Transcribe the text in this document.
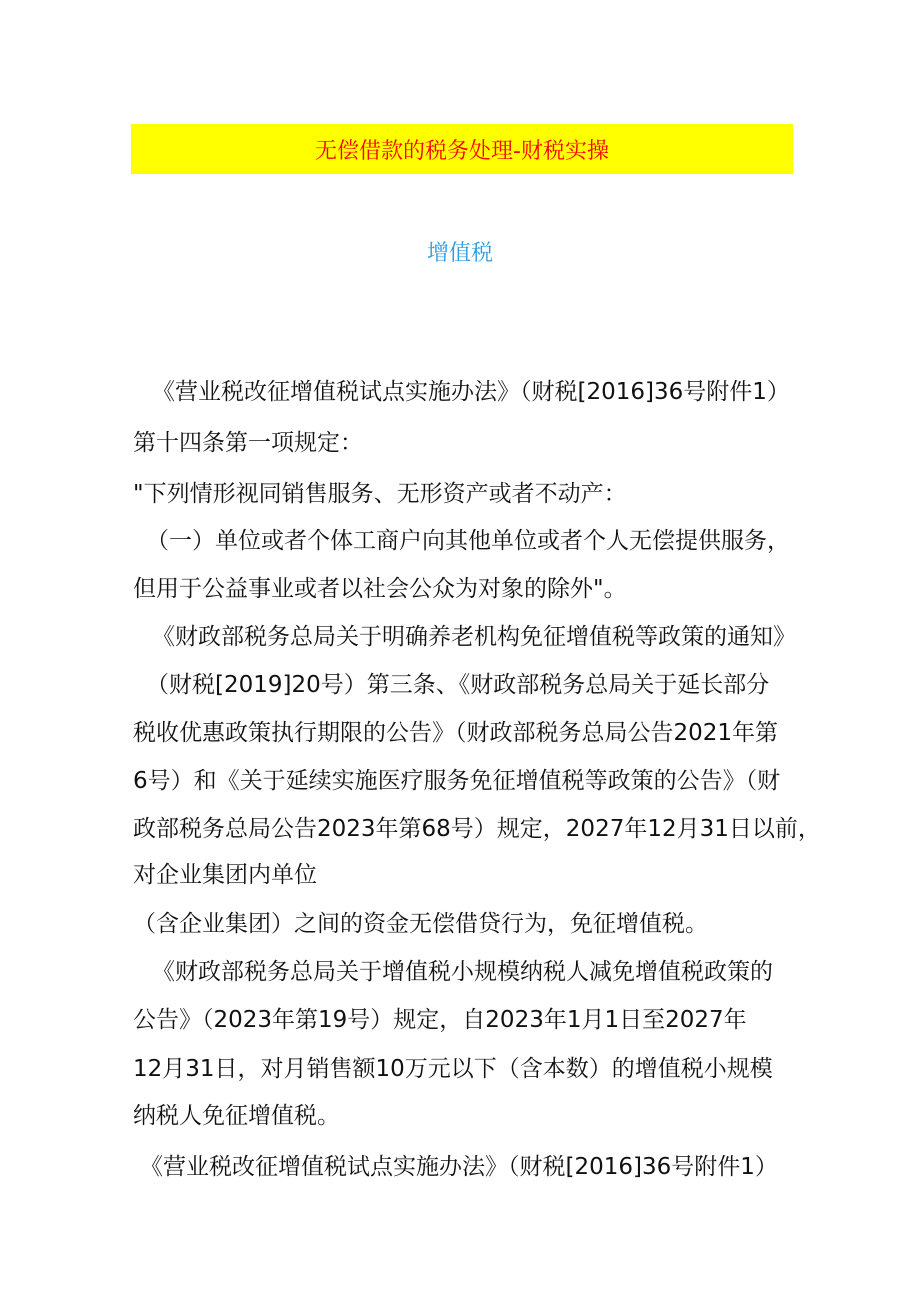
无偿借款的税务处理-财税实操
增值税
《营业税改征增值税试点实施办法》（财税[2016]36号附件1）
第十四条第一项规定：
"下列情形视同销售服务、无形资产或者不动产：
（一）单位或者个体工商户向其他单位或者个人无偿提供服务，
但用于公益事业或者以社会公众为对象的除外"。
《财政部税务总局关于明确养老机构免征增值税等政策的通知》
（财税[2019]20号）第三条、《财政部税务总局关于延长部分
税收优惠政策执行期限的公告》（财政部税务总局公告2021年第
6号）和《关于延续实施医疗服务免征增值税等政策的公告》（财
政部税务总局公告2023年第68号）规定，2027年12月31日以前，
对企业集团内单位
（含企业集团）之间的资金无偿借贷行为，免征增值税。
《财政部税务总局关于增值税小规模纳税人减免增值税政策的
公告》（2023年第19号）规定，自2023年1月1日至2027年
12月31日，对月销售额10万元以下（含本数）的增值税小规模
纳税人免征增值税。
《营业税改征增值税试点实施办法》（财税[2016]36号附件1）
